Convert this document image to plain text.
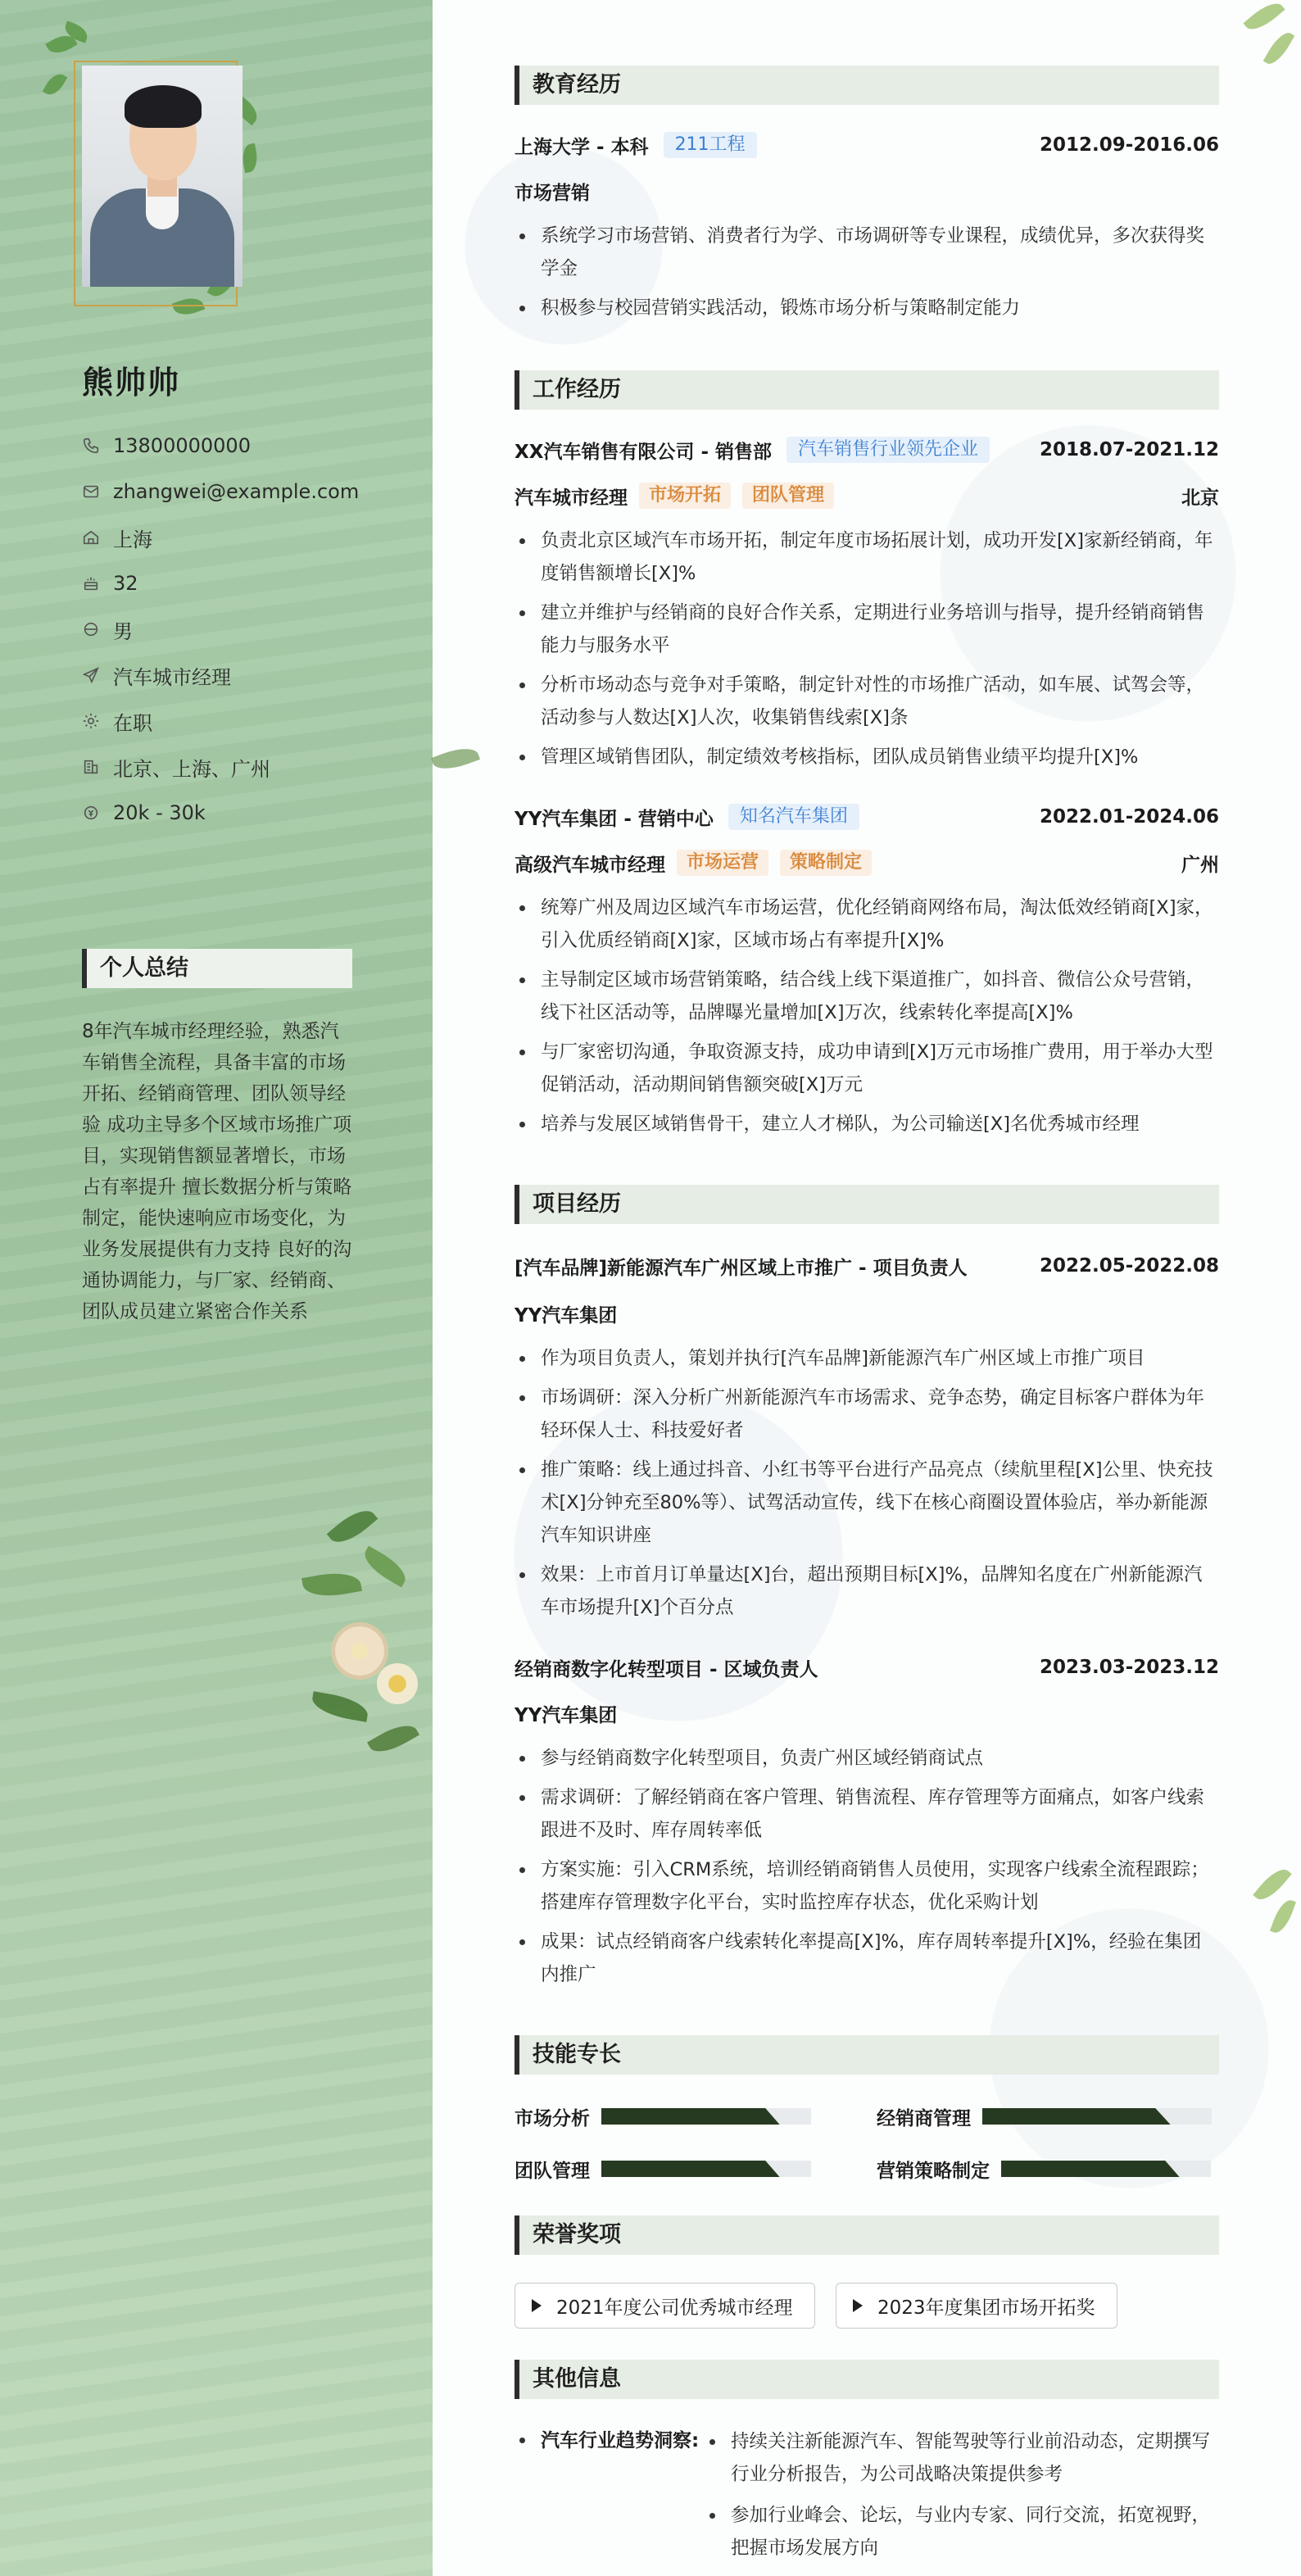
熊帅帅
13800000000
zhangwei@example.com
上海
32
男
汽车城市经理
在职
北京、上海、广州
20k - 30k
个人总结
8年汽车城市经理经验，熟悉汽车销售全流程，具备丰富的市场开拓、经销商管理、团队领导经验 成功主导多个区域市场推广项目，实现销售额显著增长，市场占有率提升 擅长数据分析与策略制定，能快速响应市场变化，为业务发展提供有力支持 良好的沟通协调能力，与厂家、经销商、团队成员建立紧密合作关系
教育经历
上海大学 - 本科	211工程	2012.09-2016.06
市场营销
系统学习市场营销、消费者行为学、市场调研等专业课程，成绩优异，多次获得奖学金
积极参与校园营销实践活动，锻炼市场分析与策略制定能力
工作经历
XX汽车销售有限公司 - 销售部	汽车销售行业领先企业	2018.07-2021.12
汽车城市经理	市场开拓	团队管理	北京
负责北京区域汽车市场开拓，制定年度市场拓展计划，成功开发[X]家新经销商，年度销售额增长[X]%
建立并维护与经销商的良好合作关系，定期进行业务培训与指导，提升经销商销售能力与服务水平
分析市场动态与竞争对手策略，制定针对性的市场推广活动，如车展、试驾会等，活动参与人数达[X]人次，收集销售线索[X]条
管理区域销售团队，制定绩效考核指标，团队成员销售业绩平均提升[X]%
YY汽车集团 - 营销中心	知名汽车集团	2022.01-2024.06
高级汽车城市经理	市场运营	策略制定	广州
统筹广州及周边区域汽车市场运营，优化经销商网络布局，淘汰低效经销商[X]家，引入优质经销商[X]家，区域市场占有率提升[X]%
主导制定区域市场营销策略，结合线上线下渠道推广，如抖音、微信公众号营销，线下社区活动等，品牌曝光量增加[X]万次，线索转化率提高[X]%
与厂家密切沟通，争取资源支持，成功申请到[X]万元市场推广费用，用于举办大型促销活动，活动期间销售额突破[X]万元
培养与发展区域销售骨干，建立人才梯队，为公司输送[X]名优秀城市经理
项目经历
[汽车品牌]新能源汽车广州区域上市推广 - 项目负责人	2022.05-2022.08
YY汽车集团
作为项目负责人，策划并执行[汽车品牌]新能源汽车广州区域上市推广项目
市场调研：深入分析广州新能源汽车市场需求、竞争态势，确定目标客户群体为年轻环保人士、科技爱好者
推广策略：线上通过抖音、小红书等平台进行产品亮点（续航里程[X]公里、快充技术[X]分钟充至80%等）、试驾活动宣传，线下在核心商圈设置体验店，举办新能源汽车知识讲座
效果：上市首月订单量达[X]台，超出预期目标[X]%，品牌知名度在广州新能源汽车市场提升[X]个百分点
经销商数字化转型项目 - 区域负责人	2023.03-2023.12
YY汽车集团
参与经销商数字化转型项目，负责广州区域经销商试点
需求调研：了解经销商在客户管理、销售流程、库存管理等方面痛点，如客户线索跟进不及时、库存周转率低
方案实施：引入CRM系统，培训经销商销售人员使用，实现客户线索全流程跟踪；搭建库存管理数字化平台，实时监控库存状态，优化采购计划
成果：试点经销商客户线索转化率提高[X]%，库存周转率提升[X]%，经验在集团内推广
技能专长
市场分析	经销商管理
团队管理	营销策略制定
荣誉奖项
2021年度公司优秀城市经理	2023年度集团市场开拓奖
其他信息
汽车行业趋势洞察:	持续关注新能源汽车、智能驾驶等行业前沿动态，定期撰写行业分析报告，为公司战略决策提供参考
参加行业峰会、论坛，与业内专家、同行交流，拓宽视野，把握市场发展方向
